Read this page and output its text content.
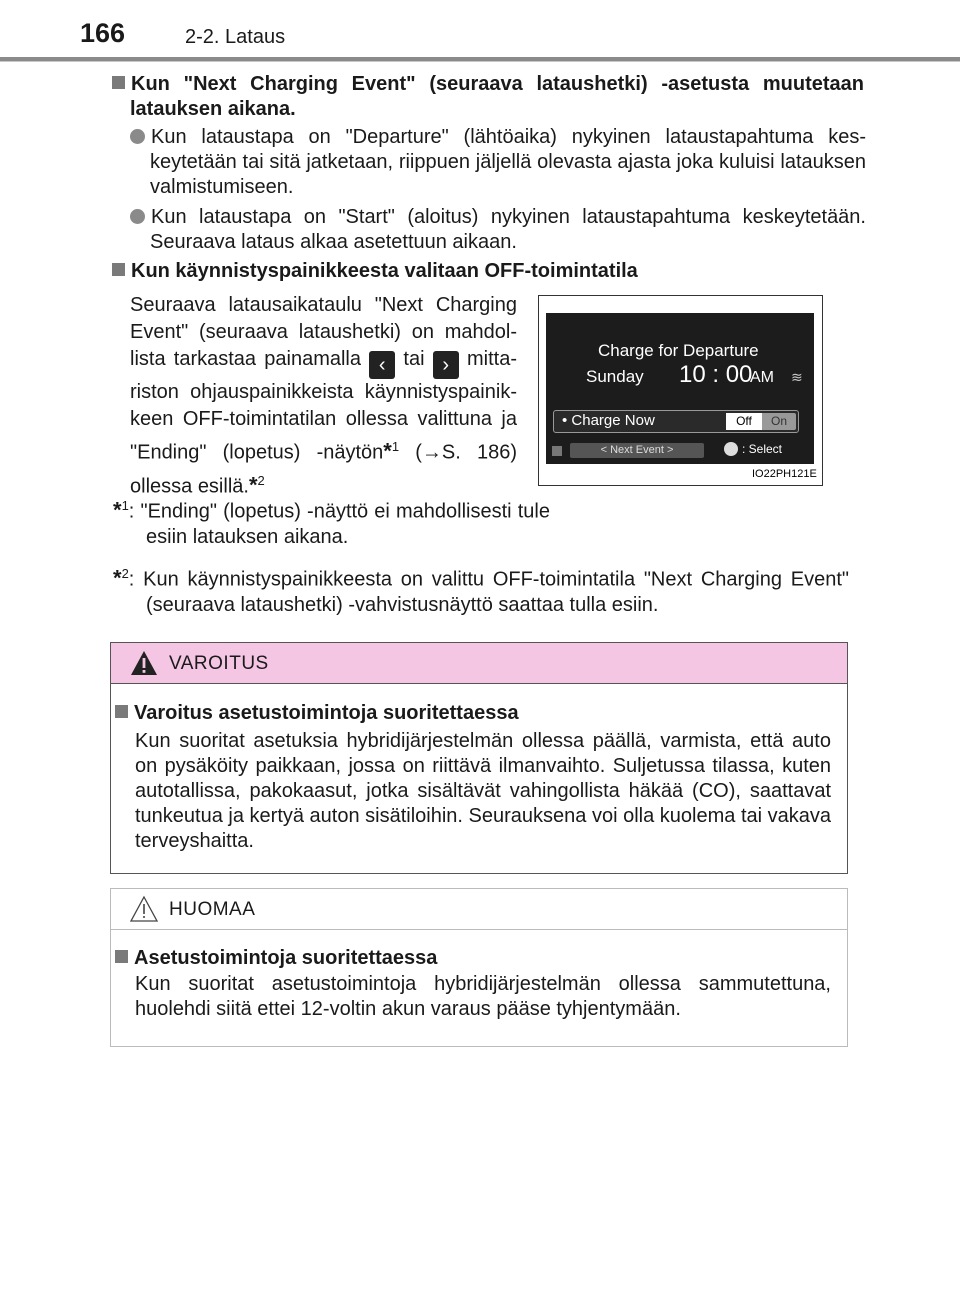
166	2-2. Lataus
Kun "Next Charging Event" (seuraava lataushetki) -asetusta muutetaan latauksen aikana.
Kun lataustapa on "Departure" (lähtöaika) nykyinen lataustapahtuma keskeytetään tai sitä jatketaan, riippuen jäljellä olevasta ajasta joka kuluisi latauksen valmistumiseen.
Kun lataustapa on "Start" (aloitus) nykyinen lataustapahtuma keskeytetään. Seuraava lataus alkaa asetettuun aikaan.
Kun käynnistyspainikkeesta valitaan OFF-toimintatila
Seuraava latausaikataulu "Next Charging Event" (seuraava lataushetki) on mahdollista tarkastaa painamalla ‹ tai › mittariston ohjauspainikkeista käynnistyspainikkeen OFF-toimintatilan ollessa valittuna ja "Ending" (lopetus) -näytön*$^1$ (→S. 186) ollessa esillä.*$^2$
Charge for Departure
Sunday 10 : 00
AM ≋
• Charge Now	Off	On
< Next Event >	: Select
IO22PH121E
*$^1$: "Ending" (lopetus) -näyttö ei mahdollisesti tule esiin latauksen aikana.
*$^2$: Kun käynnistyspainikkeesta on valittu OFF-toimintatila "Next Charging Event" (seuraava lataushetki) -vahvistusnäyttö saattaa tulla esiin.
VAROITUS
Varoitus asetustoimintoja suoritettaessa
Kun suoritat asetuksia hybridijärjestelmän ollessa päällä, varmista, että auto on pysäköity paikkaan, jossa on riittävä ilmanvaihto. Suljetussa tilassa, kuten autotallissa, pakokaasut, jotka sisältävät vahingollista häkää (CO), saattavat tunkeutua ja kertyä auton sisätiloihin. Seurauksena voi olla kuolema tai vakava terveyshaitta.
HUOMAA
Asetustoimintoja suoritettaessa
Kun suoritat asetustoimintoja hybridijärjestelmän ollessa sammutettuna, huolehdi siitä ettei 12-voltin akun varaus pääse tyhjentymään.
